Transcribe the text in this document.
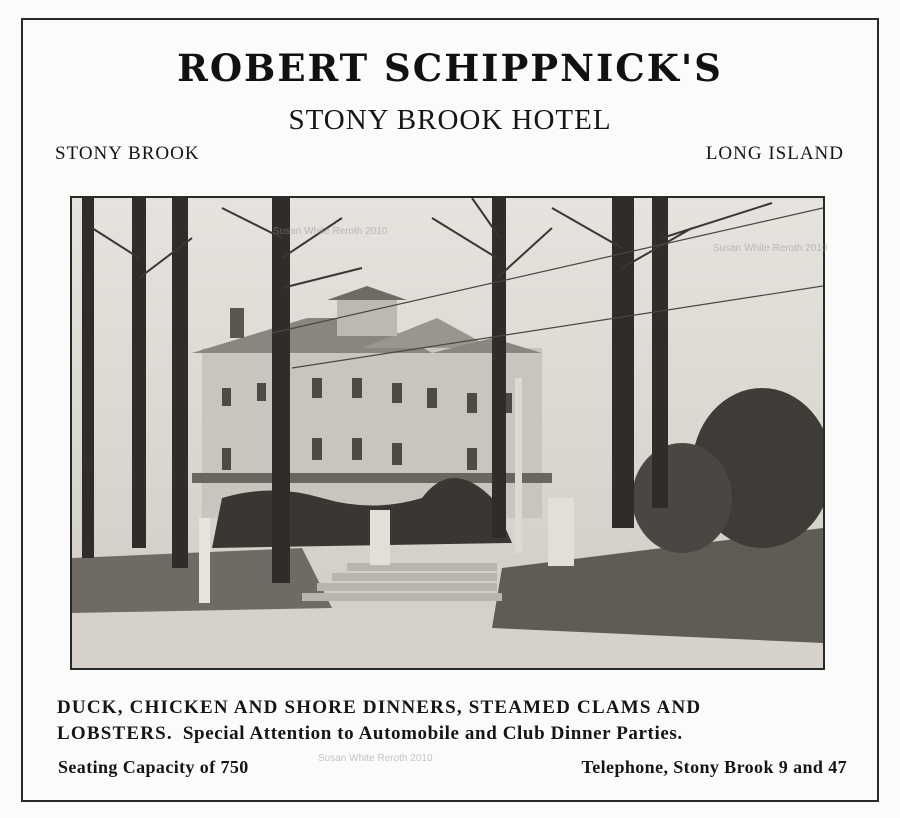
ROBERT SCHIPPNICK'S
STONY BROOK HOTEL
STONY BROOK	LONG ISLAND
Susan White Reroth 2010
Susan White Reroth 2010
Susan White Reroth 2010
DUCK, CHICKEN AND SHORE DINNERS, STEAMED CLAMS AND
LOBSTERS. Special Attention to Automobile and Club Dinner Parties.
Seating Capacity of 750	Telephone, Stony Brook 9 and 47
